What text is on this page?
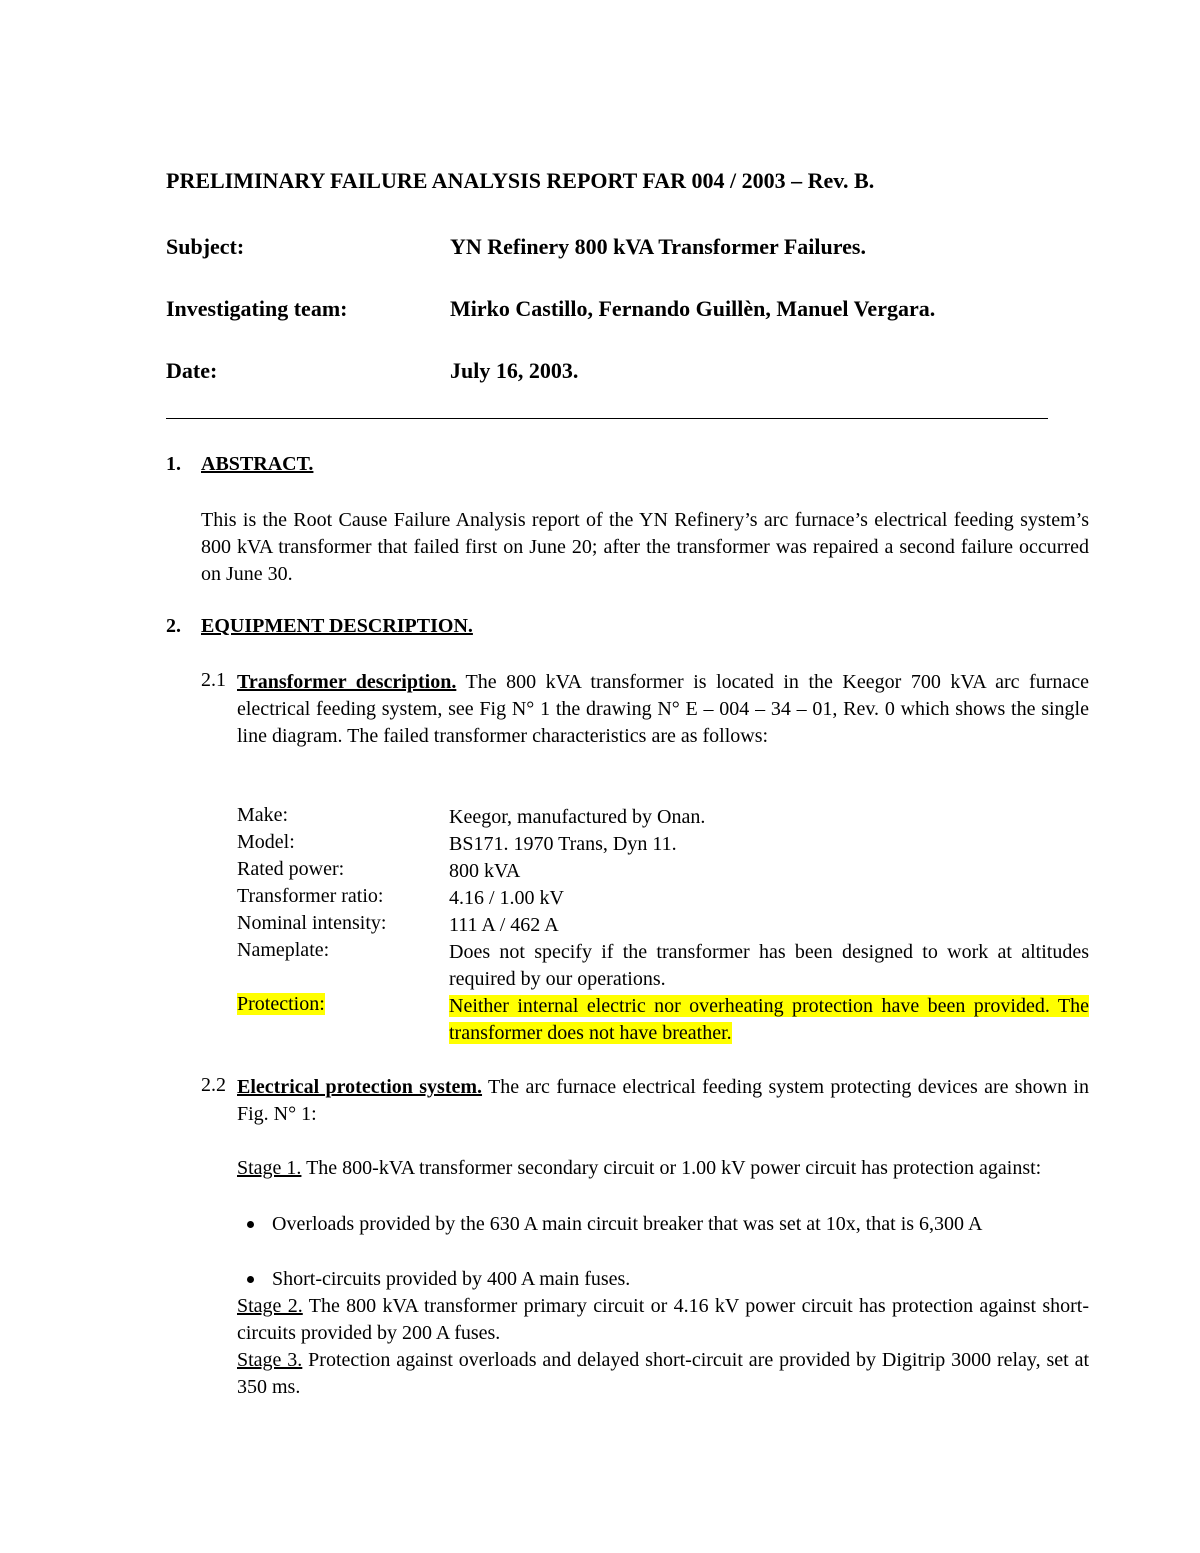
PRELIMINARY FAILURE ANALYSIS REPORT FAR 004 / 2003 – Rev. B.
Subject:	YN Refinery 800 kVA Transformer Failures.
Investigating team:	Mirko Castillo, Fernando Guillèn, Manuel Vergara.
Date:	July 16, 2003.
1. ABSTRACT.
This is the Root Cause Failure Analysis report of the YN Refinery’s arc furnace’s electrical feeding system’s 800 kVA transformer that failed first on June 20; after the transformer was repaired a second failure occurred on June 30.
2. EQUIPMENT DESCRIPTION.
2.1 Transformer description. The 800 kVA transformer is located in the Keegor 700 kVA arc furnace electrical feeding system, see Fig N° 1 the drawing N° E – 004 – 34 – 01, Rev. 0 which shows the single line diagram. The failed transformer characteristics are as follows:
Make:	Keegor, manufactured by Onan.
Model:	BS171. 1970 Trans, Dyn 11.
Rated power:	800 kVA
Transformer ratio:	4.16 / 1.00 kV
Nominal intensity:	111 A / 462 A
Nameplate:	Does not specify if the transformer has been designed to work at altitudes required by our operations.
Protection:	Neither internal electric nor overheating protection have been provided. The transformer does not have breather.
2.2 Electrical protection system. The arc furnace electrical feeding system protecting devices are shown in Fig. N° 1:
Stage 1. The 800-kVA transformer secondary circuit or 1.00 kV power circuit has protection against:
Overloads provided by the 630 A main circuit breaker that was set at 10x, that is 6,300 A
Short-circuits provided by 400 A main fuses.
Stage 2. The 800 kVA transformer primary circuit or 4.16 kV power circuit has protection against short-circuits provided by 200 A fuses.
Stage 3. Protection against overloads and delayed short-circuit are provided by Digitrip 3000 relay, set at 350 ms.
